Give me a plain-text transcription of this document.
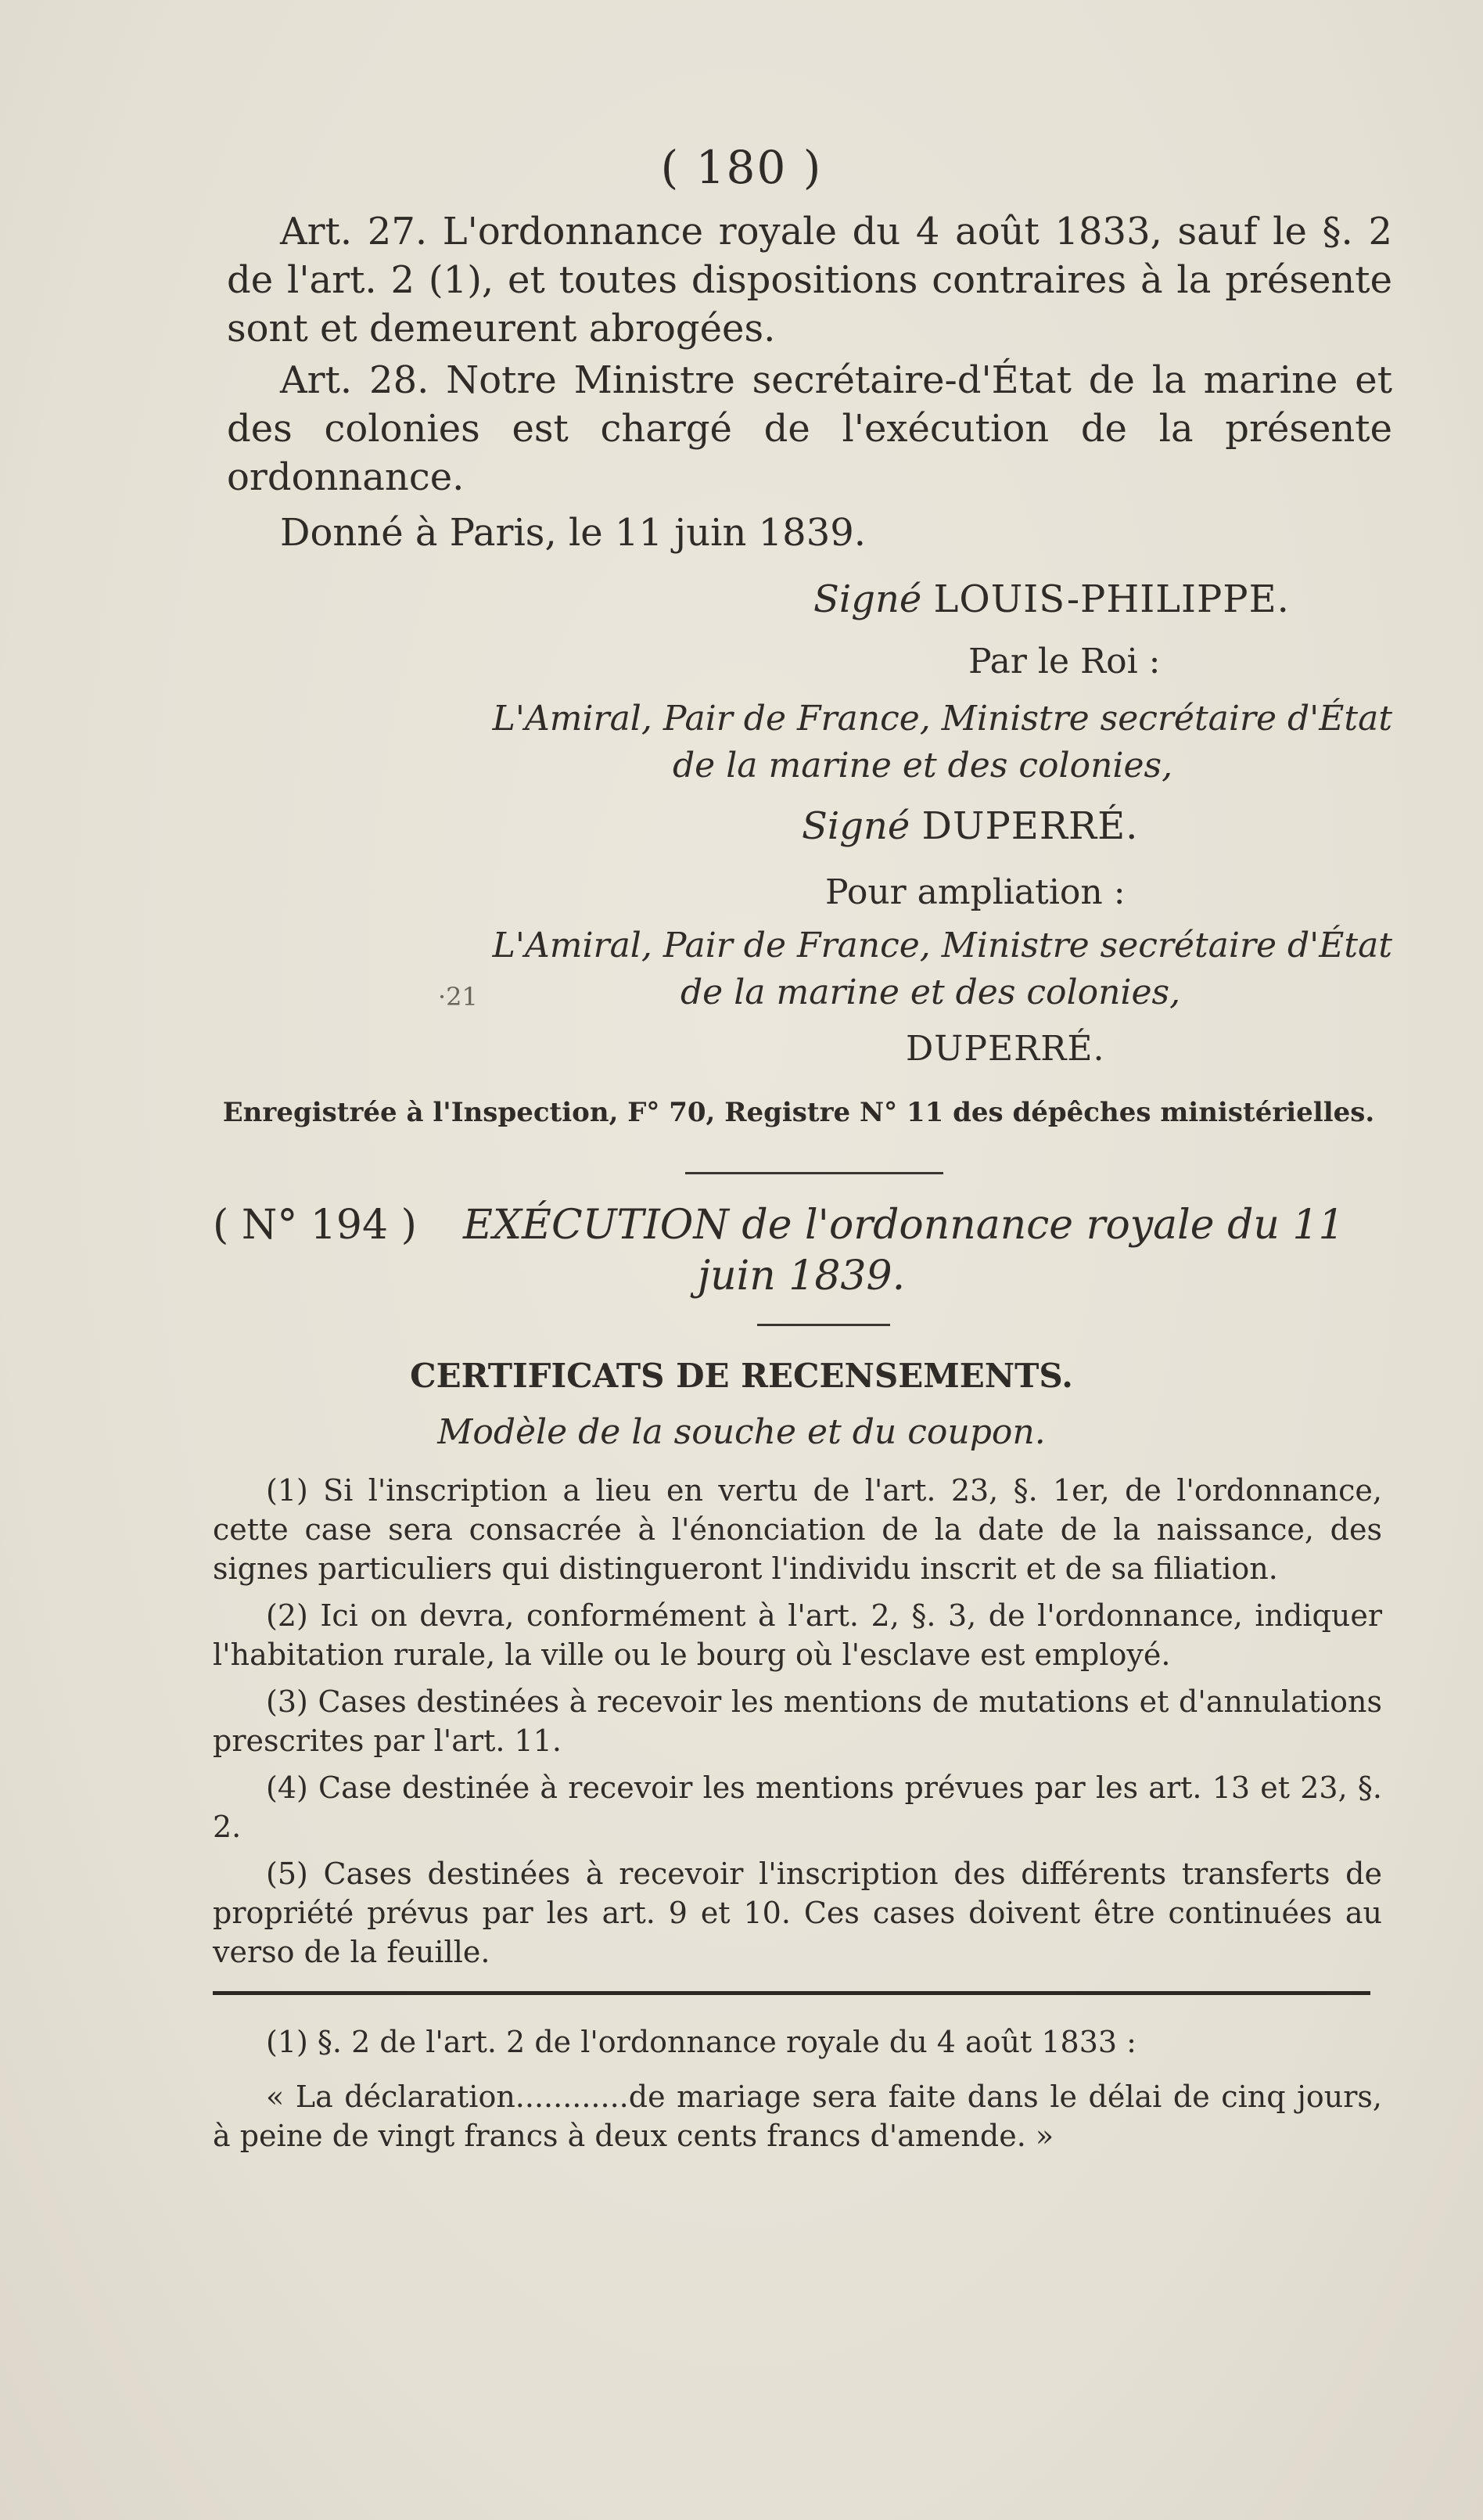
( 180 )
Art. 27. L'ordonnance royale du 4 août 1833, sauf le §. 2 de l'art. 2 (1), et toutes dispositions contraires à la présente sont et demeurent abrogées.
Art. 28. Notre Ministre secrétaire-d'État de la marine et des colonies est chargé de l'exécution de la présente ordonnance.
Donné à Paris, le 11 juin 1839.
Signé LOUIS-PHILIPPE.
Par le Roi :
L'Amiral, Pair de France, Ministre secrétaire d'État
de la marine et des colonies,
Signé DUPERRÉ.
Pour ampliation :
L'Amiral, Pair de France, Ministre secrétaire d'État
·21	de la marine et des colonies,
DUPERRÉ.
Enregistrée à l'Inspection, F° 70, Registre N° 11 des dépêches ministérielles.
( N° 194 ) EXÉCUTION de l'ordonnance royale du 11
juin 1839.
CERTIFICATS DE RECENSEMENTS.
Modèle de la souche et du coupon.
(1) Si l'inscription a lieu en vertu de l'art. 23, §. 1er, de l'ordonnance, cette case sera consacrée à l'énonciation de la date de la naissance, des signes particuliers qui distingueront l'individu inscrit et de sa filiation.
(2) Ici on devra, conformément à l'art. 2, §. 3, de l'ordonnance, indiquer l'habitation rurale, la ville ou le bourg où l'esclave est employé.
(3) Cases destinées à recevoir les mentions de mutations et d'annulations prescrites par l'art. 11.
(4) Case destinée à recevoir les mentions prévues par les art. 13 et 23, §. 2.
(5) Cases destinées à recevoir l'inscription des différents transferts de propriété prévus par les art. 9 et 10. Ces cases doivent être continuées au verso de la feuille.
(1) §. 2 de l'art. 2 de l'ordonnance royale du 4 août 1833 :
« La déclaration............de mariage sera faite dans le délai de cinq jours, à peine de vingt francs à deux cents francs d'amende. »
